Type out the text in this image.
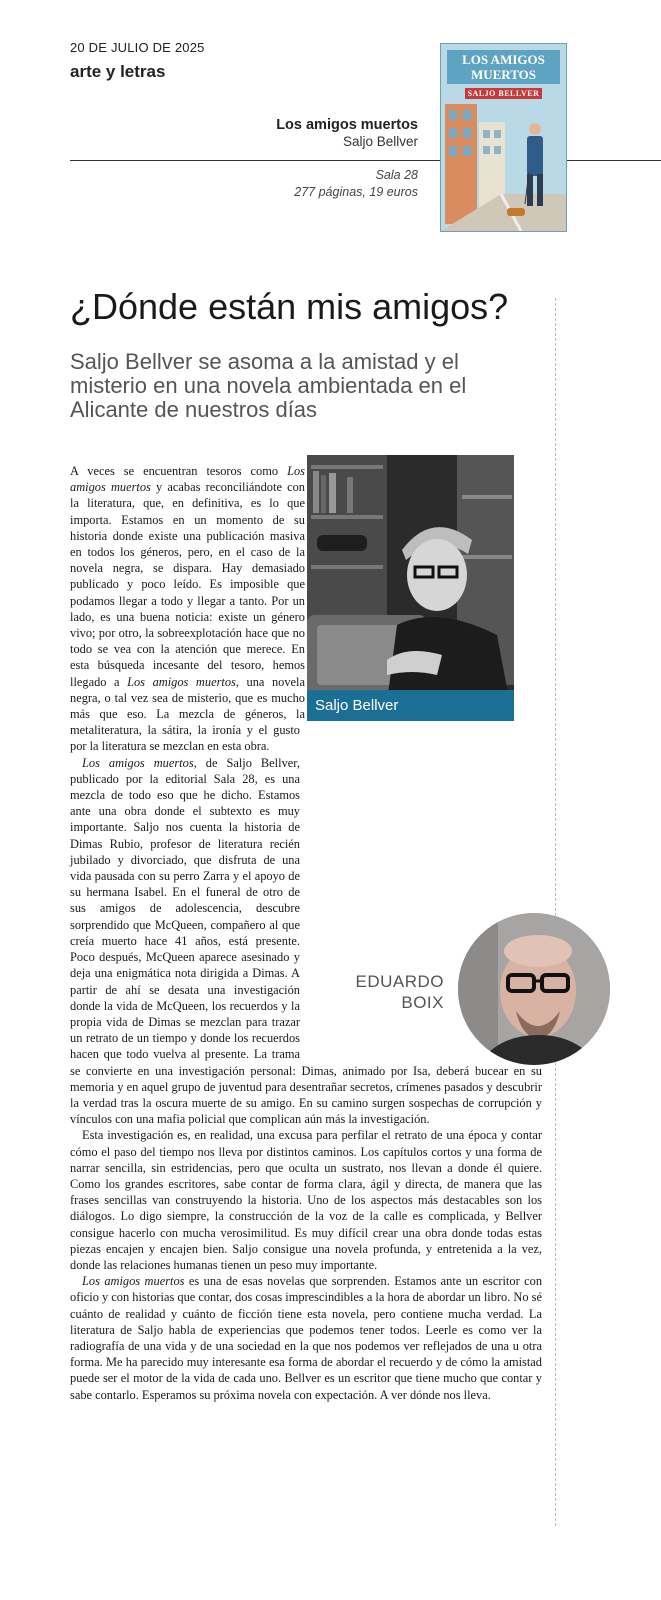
20 DE JULIO DE 2025
arte y letras
Los amigos muertos
Saljo Bellver
Sala 28
277 páginas, 19 euros
LOS AMIGOS MUERTOS
SALJO BELLVER
¿Dónde están mis amigos?
Saljo Bellver se asoma a la amistad y el misterio en una novela ambientada en el Alicante de nuestros días
Saljo Bellver
EDUARDO BOIX

A veces se encuentran tesoros como Los amigos muertos y acabas reconciliándote con la literatura, que, en definitiva, es lo que importa. Estamos en un momento de su historia donde existe una publicación masiva en todos los géneros, pero, en el caso de la novela negra, se dispara. Hay demasiado publicado y poco leído. Es imposible que podamos llegar a todo y llegar a tanto. Por un lado, es una buena noticia: existe un género vivo; por otro, la sobreexplotación hace que no todo se vea con la atención que merece. En esta búsqueda incesante del tesoro, hemos llegado a Los amigos muertos, una novela negra, o tal vez sea de misterio, que es mucho más que eso. La mezcla de géneros, la metaliteratura, la sátira, la ironía y el gusto por la literatura se mezclan en esta obra.

Los amigos muertos, de Saljo Bellver, publicado por la editorial Sala 28, es una mezcla de todo eso que he dicho. Estamos ante una obra donde el subtexto es muy importante. Saljo nos cuenta la historia de Dimas Rubio, profesor de literatura recién jubilado y divorciado, que disfruta de una vida pausada con su perro Zarra y el apoyo de su hermana Isabel. En el funeral de otro de sus amigos de adolescencia, descubre sorprendido que McQueen, compañero al que creía muerto hace 41 años, está presente. Poco después, McQueen aparece asesinado y deja una enigmática nota dirigida a Dimas. A partir de ahí se desata una investigación donde la vida de McQueen, los recuerdos y la propia vida de Dimas se mezclan para trazar un retrato de un tiempo y donde los recuerdos hacen que todo vuelva al presente. La trama se convierte en una investigación personal: Dimas, animado por Isa, deberá bucear en su memoria y en aquel grupo de juventud para desentrañar secretos, crímenes pasados y descubrir la verdad tras la oscura muerte de su amigo. En su camino surgen sospechas de corrupción y vínculos con una mafia policial que complican aún más la investigación.

Esta investigación es, en realidad, una excusa para perfilar el retrato de una época y contar cómo el paso del tiempo nos lleva por distintos caminos. Los capítulos cortos y una forma de narrar sencilla, sin estridencias, pero que oculta un sustrato, nos llevan a donde él quiere. Como los grandes escritores, sabe contar de forma clara, ágil y directa, de manera que las frases sencillas van construyendo la historia. Uno de los aspectos más destacables son los diálogos. Lo digo siempre, la construcción de la voz de la calle es complicada, y Bellver consigue hacerlo con mucha verosimilitud. Es muy difícil crear una obra donde todas estas piezas encajen y encajen bien. Saljo consigue una novela profunda, y entretenida a la vez, donde las relaciones humanas tienen un peso muy importante.

Los amigos muertos es una de esas novelas que sorprenden. Estamos ante un escritor con oficio y con historias que contar, dos cosas imprescindibles a la hora de abordar un libro. No sé cuánto de realidad y cuánto de ficción tiene esta novela, pero contiene mucha verdad. La literatura de Saljo habla de experiencias que podemos tener todos. Leerle es como ver la radiografía de una vida y de una sociedad en la que nos podemos ver reflejados de una u otra forma. Me ha parecido muy interesante esa forma de abordar el recuerdo y de cómo la amistad puede ser el motor de la vida de cada uno. Bellver es un escritor que tiene mucho que contar y sabe contarlo. Esperamos su próxima novela con expectación. A ver dónde nos lleva.
